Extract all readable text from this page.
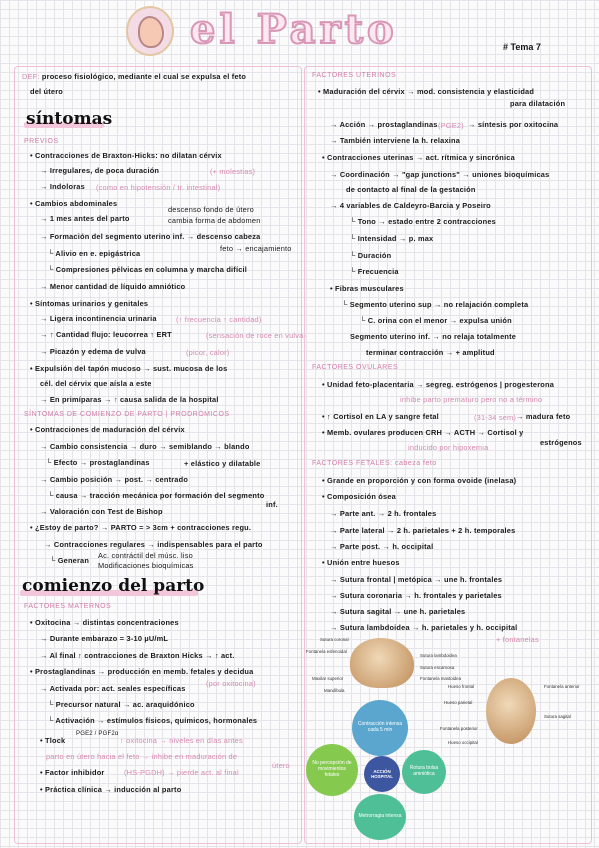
el Parto	# Tema 7
DEF: proceso fisiológico, mediante el cual se expulsa el feto
del útero
síntomas
PREVIOS
• Contracciones de Braxton-Hicks: no dilatan cérvix
→ Irregulares, de poca duración	(+ molestias)
→ Indoloras (como en hipotensión / tr. intestinal)
• Cambios abdominales
→ 1 mes antes del parto
descenso fondo de útero
cambia forma de abdomen
→ Formación del segmento uterino inf. → descenso cabeza
feto → encajamiento
└ Alivio en e. epigástrica
└ Compresiones pélvicas en columna y marcha difícil
→ Menor cantidad de líquido amniótico
• Síntomas urinarios y genitales
→ Ligera incontinencia urinaria	(↑ frecuencia ↑ cantidad)
→ ↑ Cantidad flujo: leucorrea ↑ ERT	(sensación de roce en vulva)
→ Picazón y edema de vulva	(picor, calor)
• Expulsión del tapón mucoso → sust. mucosa de los
cél. del cérvix que aísla a este
→ En primíparas → ↑ causa salida de la hospital
SÍNTOMAS DE COMIENZO DE PARTO | PRODRÓMICOS
• Contracciones de maduración del cérvix
→ Cambio consistencia → duro → semiblando → blando
└ Efecto → prostaglandinas	+ elástico y dilatable
→ Cambio posición → post. → centrado
└ causa → tracción mecánica por formación del segmento
inf.
→ Valoración con Test de Bishop
• ¿Estoy de parto? → PARTO = > 3cm + contracciones regu.
→ Contracciones regulares → indispensables para el parto
└ Generan
Ac. contráctil del músc. liso
Modificaciones bioquímicas
comienzo del parto
FACTORES MATERNOS
• Oxitocina → distintas concentraciones
→ Durante embarazo = 3-10 µU/mL
→ Al final ↑ contracciones de Braxton Hicks → ↑ act.
• Prostaglandinas → producción en memb. fetales y decidua
(por oxitocina)
→ Activada por: act. seales específicas
└ Precursor natural → ac. araquidónico
└ Activación → estímulos físicos, químicos, hormonales
• Tlock
PGE2 / PGF2α
↑ oxitocina → niveles en días antes
parto en útero hacia el feto → inhibe en maduración de
útero
• Factor inhibidor	(HS-PGDH) → pierde act. al final
• Práctica clínica → inducción al parto
FACTORES UTERINOS
• Maduración del cérvix → mod. consistencia y elasticidad
para dilatación
→ Acción → prostaglandinas (PGE2) → síntesis por oxitocina
→ También interviene la h. relaxina
• Contracciones uterinas → act. rítmica y sincrónica
→ Coordinación → "gap junctions" → uniones bioquímicas
de contacto al final de la gestación
→ 4 variables de Caldeyro-Barcia y Poseiro
└ Tono → estado entre 2 contracciones
└ Intensidad → p. max
└ Duración
└ Frecuencia
• Fibras musculares
└ Segmento uterino sup → no relajación completa
└ C. orina con el menor → expulsa unión
Segmento uterino inf. → no relaja totalmente
terminar contracción → + amplitud
FACTORES OVULARES
• Unidad feto-placentaria → segreg. estrógenos | progesterona
inhibe parto prematuro pero no a término
• ↑ Cortisol en LA y sangre fetal	(31-34 sem) → madura feto
• Memb. ovulares producen CRH → ACTH → Cortisol y
estrógenos
inducido por hipoxemia
FACTORES FETALES: cabeza feto
• Grande en proporción y con forma ovoide (inelasa)
• Composición ósea
→ Parte ant. → 2 h. frontales
→ Parte lateral → 2 h. parietales + 2 h. temporales
→ Parte post. → h. occipital
• Unión entre huesos
→ Sutura frontal | metópica → une h. frontales
→ Sutura coronaria → h. frontales y parietales
→ Sutura sagital → une h. parietales
→ Sutura lambdoidea → h. parietales y h. occipital
+ fontanelas
Sutura coronal
Sutura lambdoidea
Fontanela esfenoidal
Sutura escamosa
Maxilar superior	Fontanela mastoidea
Mandíbula
Hueso frontal	Fontanela anterior
Hueso parietal
Sutura sagital
Fontanela posterior
Hueso occipital
Contracción intensa cada 5 min
No percepción de movimientos fetales
Rotura bolsa amniótica
Metrorragia intensa
ACCIÓN HOSPITAL
